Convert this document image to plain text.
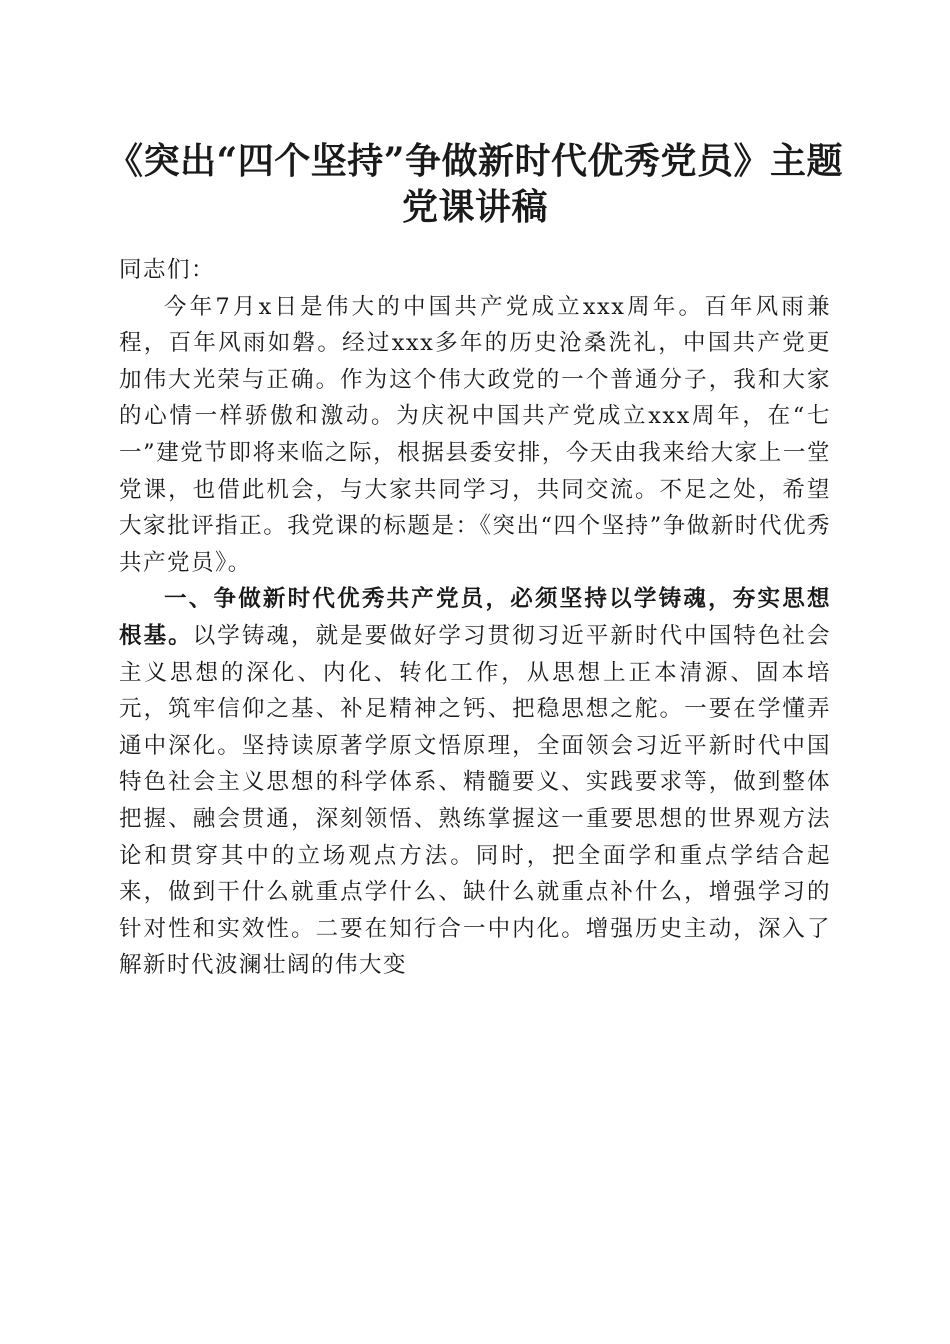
《突出“四个坚持”争做新时代优秀党员》主题党课讲稿

同志们：

今年7月x日是伟大的中国共产党成立xxx周年。百年风雨兼程，百年风雨如磐。经过xxx多年的历史沧桑洗礼，中国共产党更加伟大光荣与正确。作为这个伟大政党的一个普通分子，我和大家的心情一样骄傲和激动。为庆祝中国共产党成立xxx周年，在“七一”建党节即将来临之际，根据县委安排，今天由我来给大家上一堂党课，也借此机会，与大家共同学习，共同交流。不足之处，希望大家批评指正。我党课的标题是：《突出“四个坚持”争做新时代优秀共产党员》。

一、争做新时代优秀共产党员，必须坚持以学铸魂，夯实思想根基。以学铸魂，就是要做好学习贯彻习近平新时代中国特色社会主义思想的深化、内化、转化工作，从思想上正本清源、固本培元，筑牢信仰之基、补足精神之钙、把稳思想之舵。一要在学懂弄通中深化。坚持读原著学原文悟原理，全面领会习近平新时代中国特色社会主义思想的科学体系、精髓要义、实践要求等，做到整体把握、融会贯通，深刻领悟、熟练掌握这一重要思想的世界观方法论和贯穿其中的立场观点方法。同时，把全面学和重点学结合起来，做到干什么就重点学什么、缺什么就重点补什么，增强学习的针对性和实效性。二要在知行合一中内化。增强历史主动，深入了解新时代波澜壮阔的伟大变
